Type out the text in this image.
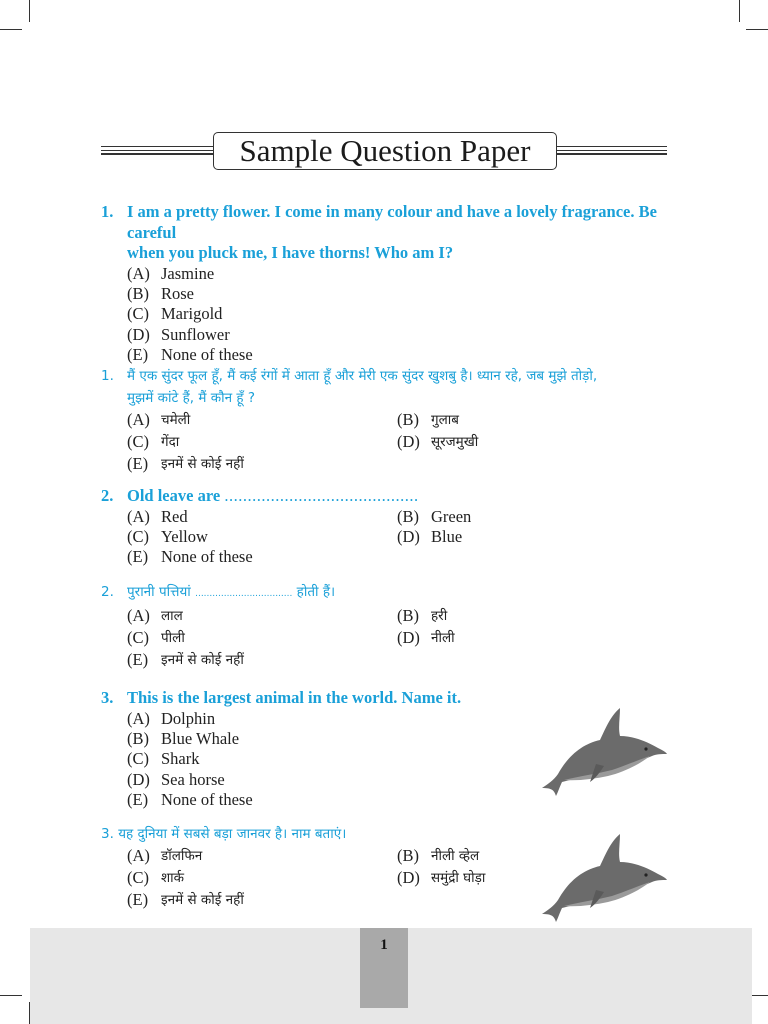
Sample Question Paper
1. I am a pretty flower. I come in many colour and have a lovely fragrance. Be careful
when you pluck me, I have thorns! Who am I?
(A) Jasmine
(B) Rose
(C) Marigold
(D) Sunflower
(E) None of these
1. मैं एक सुंदर फूल हूँ, मैं कई रंगों में आता हूँ और मेरी एक सुंदर खुशबु है। ध्यान रहे, जब मुझे तोड़ो,
मुझमें कांटे हैं, मैं कौन हूँ ?
(A) चमेली	(B) गुलाब
(C) गेंदा	(D) सूरजमुखी
(E) इनमें से कोई नहीं
2. Old leave are ..........................................
(A) Red	(B) Green
(C) Yellow	(D) Blue
(E) None of these
2. पुरानी पत्तियां .................................. होती हैं।
(A) लाल	(B) हरी
(C) पीली	(D) नीली
(E) इनमें से कोई नहीं
3. This is the largest animal in the world. Name it.
(A) Dolphin
(B) Blue Whale
(C) Shark
(D) Sea horse
(E) None of these
3. यह दुनिया में सबसे बड़ा जानवर है। नाम बताएं।
(A) डॉलफिन	(B) नीली व्हेल
(C) शार्क	(D) समुंद्री घोड़ा
(E) इनमें से कोई नहीं
1
